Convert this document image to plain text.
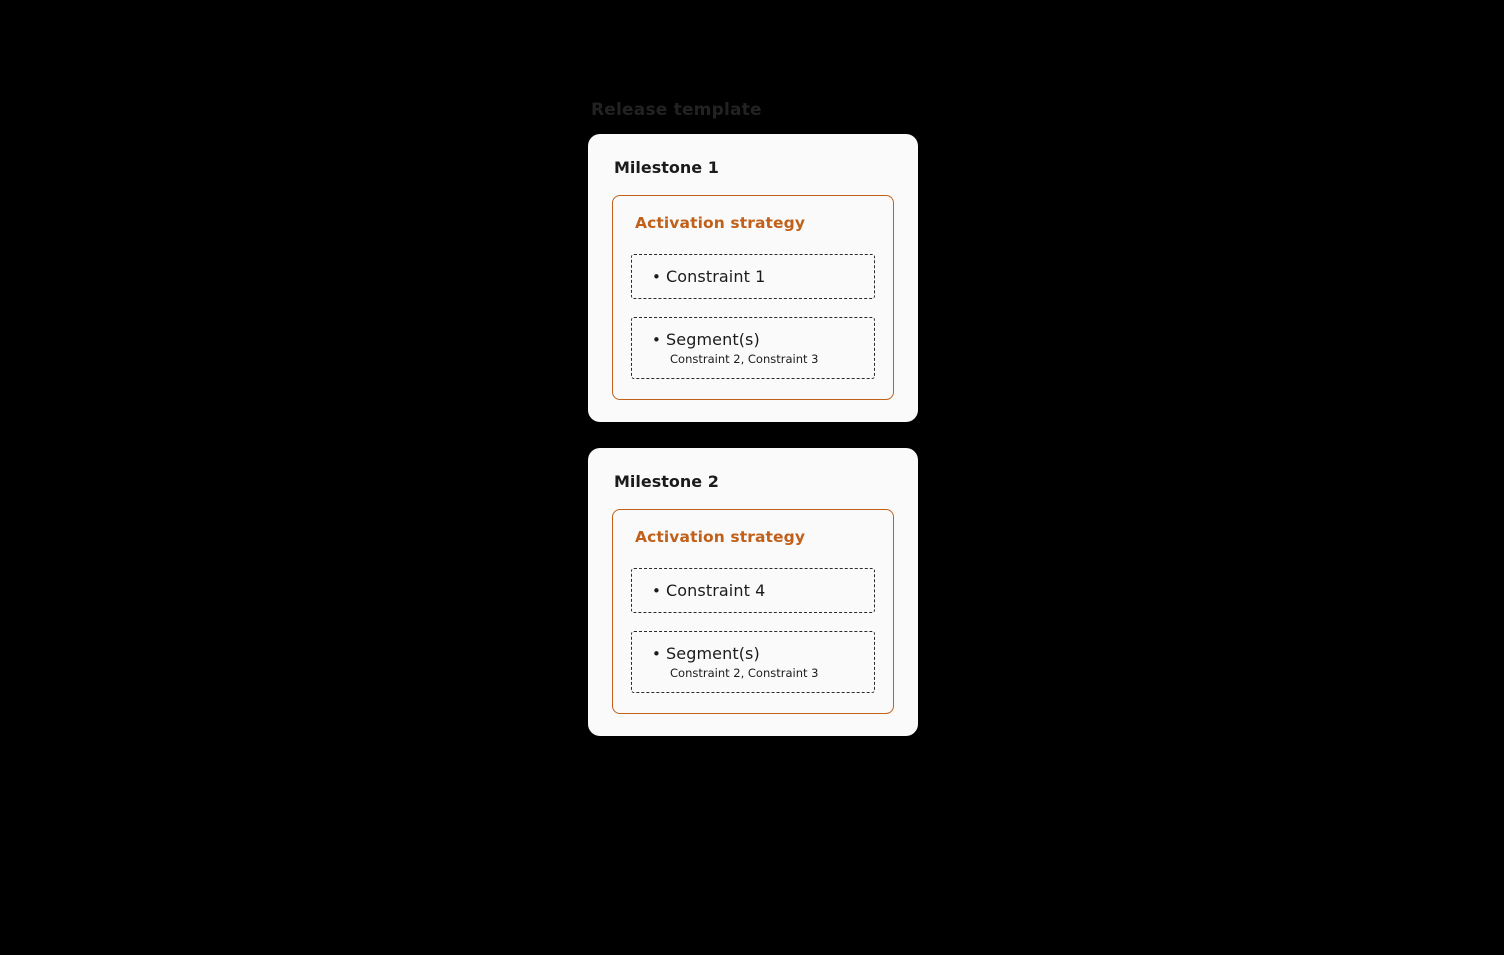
Release template
Milestone 1
Activation strategy
• Constraint 1
• Segment(s)
Constraint 2, Constraint 3
Milestone 2
Activation strategy
• Constraint 4
• Segment(s)
Constraint 2, Constraint 3
